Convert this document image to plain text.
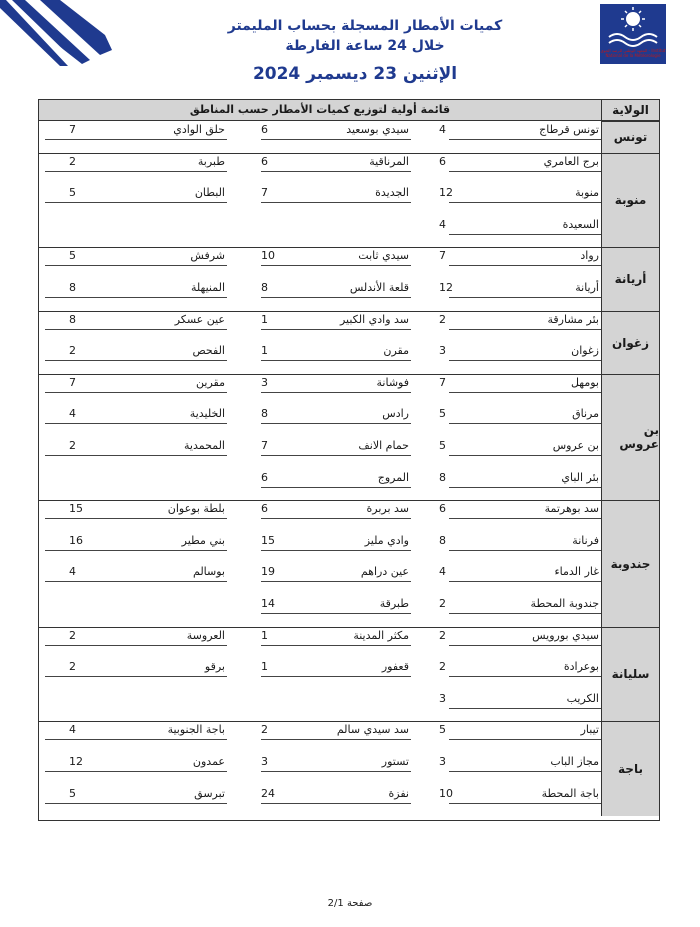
المعهد الوطني للرصد الجوي - Institut National de la Météorologie
كميات الأمطار المسجلة بحساب المليمتر
خلال 24 ساعة الفارطة
الإثنين 23 ديسمبر 2024
الولاية
قائمة أولية لتوزيع كميات الأمطار حسب المناطق
تونس
تونس قرطاج
4
سيدي بوسعيد
6
حلق الوادي
7
منوبة
برج العامري
6
المرناقية
6
طبربة
2
منوبة
12
الجديدة
7
البطان
5
السعيدة
4
أريانة
رواد
7
سيدي ثابت
10
شرفش
5
أريانة
12
قلعة الأندلس
8
المنيهلة
8
زغوان
بئر مشارقة
2
سد وادي الكبير
1
عين عسكر
8
زغوان
3
مقرن
1
الفحص
2
بن عروس
بومهل
7
فوشانة
3
مقرين
7
مرناق
5
رادس
8
الخليدية
4
بن عروس
5
حمام الانف
7
المحمدية
2
بئر الباي
8
المروج
6
جندوبة
سد بوهرتمة
6
سد بربرة
6
بلطة بوعوان
15
فرنانة
8
وادي مليز
15
بني مطير
16
غار الدماء
4
عين دراهم
19
بوسالم
4
جندوبة المحطة
2
طبرقة
14
سليانة
سيدي بورويس
2
مكثر المدينة
1
العروسة
2
بوعرادة
2
قعفور
1
برقو
2
الكريب
3
باجة
تيبار
5
سد سيدي سالم
2
باجة الجنوبية
4
مجاز الباب
3
تستور
3
عمدون
12
باجة المحطة
10
نفزة
24
تبرسق
5
صفحة 2/1
